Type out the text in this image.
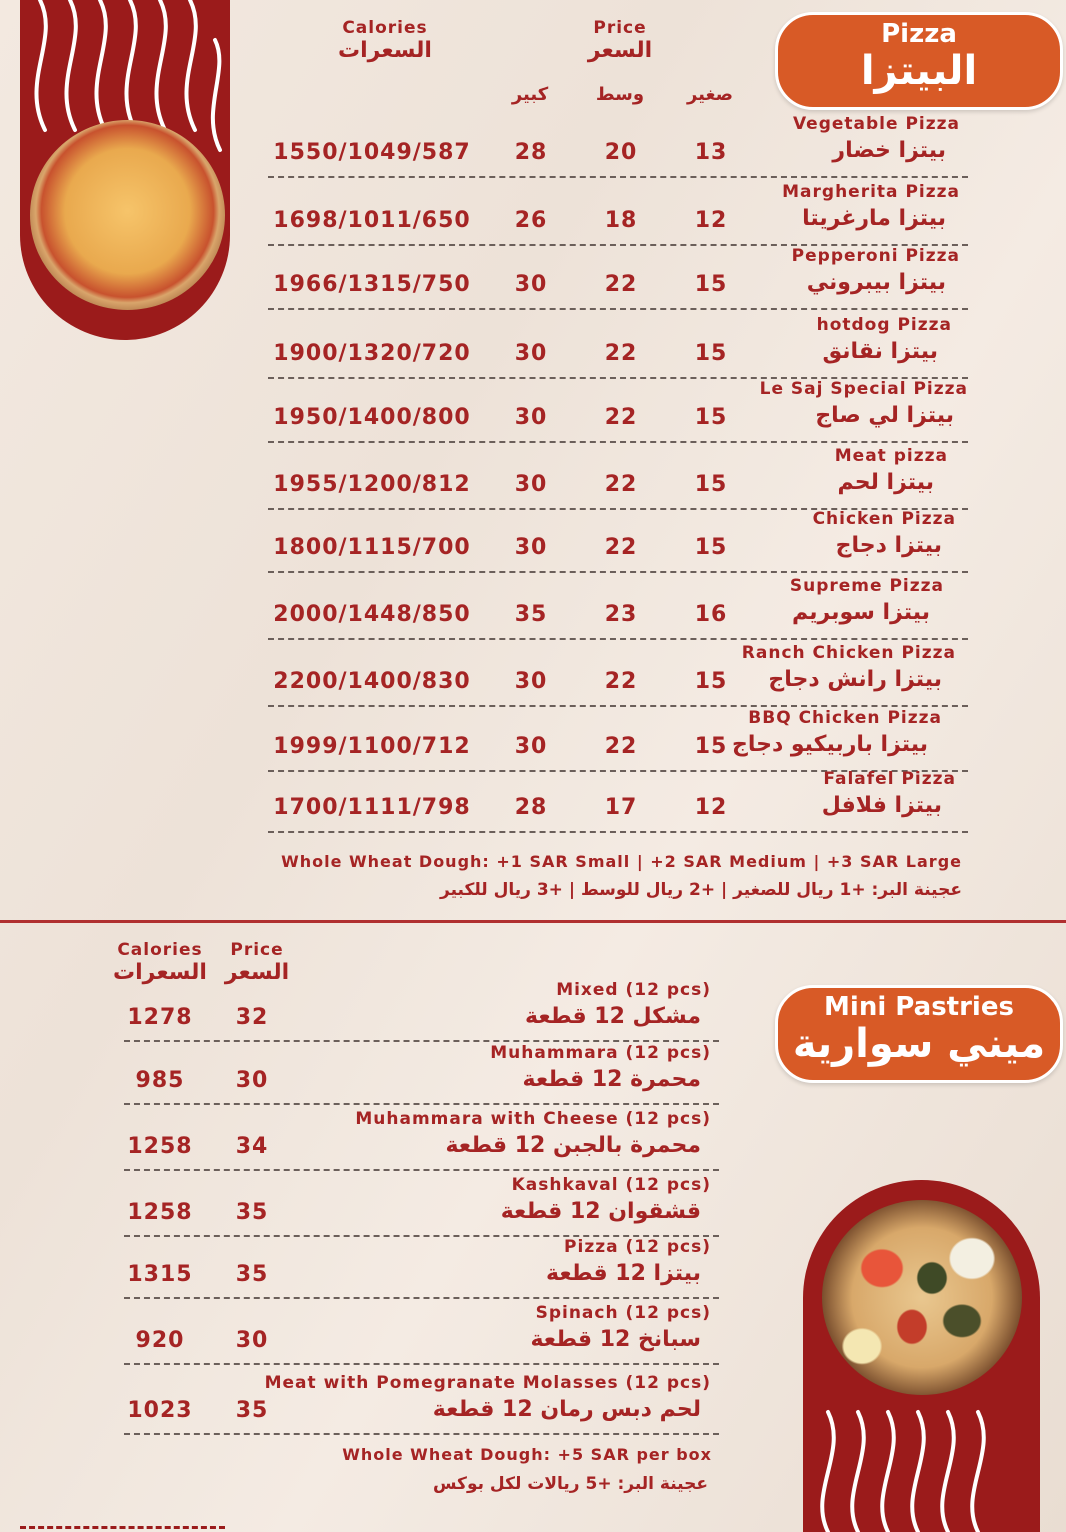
Pizza
البيتزا
Calories
السعرات
Price
السعر
كبير	وسط	صغير
Vegetable Pizza
بيتزا خضار
13
20
28
1550/1049/587
Margherita Pizza
بيتزا مارغريتا
12
18
26
1698/1011/650
Pepperoni Pizza
بيتزا بيبروني
15
22
30
1966/1315/750
hotdog Pizza
بيتزا نقانق
15
22
30
1900/1320/720
Le Saj Special Pizza
بيتزا لي صاج
15
22
30
1950/1400/800
Meat pizza
بيتزا لحم
15
22
30
1955/1200/812
Chicken Pizza
بيتزا دجاج
15
22
30
1800/1115/700
Supreme Pizza
بيتزا سوبريم
16
23
35
2000/1448/850
Ranch Chicken Pizza
بيتزا رانش دجاج
15
22
30
2200/1400/830
BBQ Chicken Pizza
بيتزا باربيكيو دجاج
15
22
30
1999/1100/712
Falafel Pizza
بيتزا فلافل
12
17
28
1700/1111/798
Whole Wheat Dough: +1 SAR Small | +2 SAR Medium | +3 SAR Large
عجينة البر: +1 ريال للصغير | +2 ريال للوسط | +3 ريال للكبير
Mini Pastries
ميني سوارية
Calories
السعرات
Price
السعر
Mixed (12 pcs)
مشكل 12 قطعة
32
1278
Muhammara (12 pcs)
محمرة 12 قطعة
30
985
Muhammara with Cheese (12 pcs)
محمرة بالجبن 12 قطعة
34
1258
Kashkaval (12 pcs)
قشقوان 12 قطعة
35
1258
Pizza (12 pcs)
بيتزا 12 قطعة
35
1315
Spinach (12 pcs)
سبانخ 12 قطعة
30
920
Meat with Pomegranate Molasses (12 pcs)
لحم دبس رمان 12 قطعة
35
1023
Whole Wheat Dough: +5 SAR per box
عجينة البر: +5 ريالات لكل بوكس
